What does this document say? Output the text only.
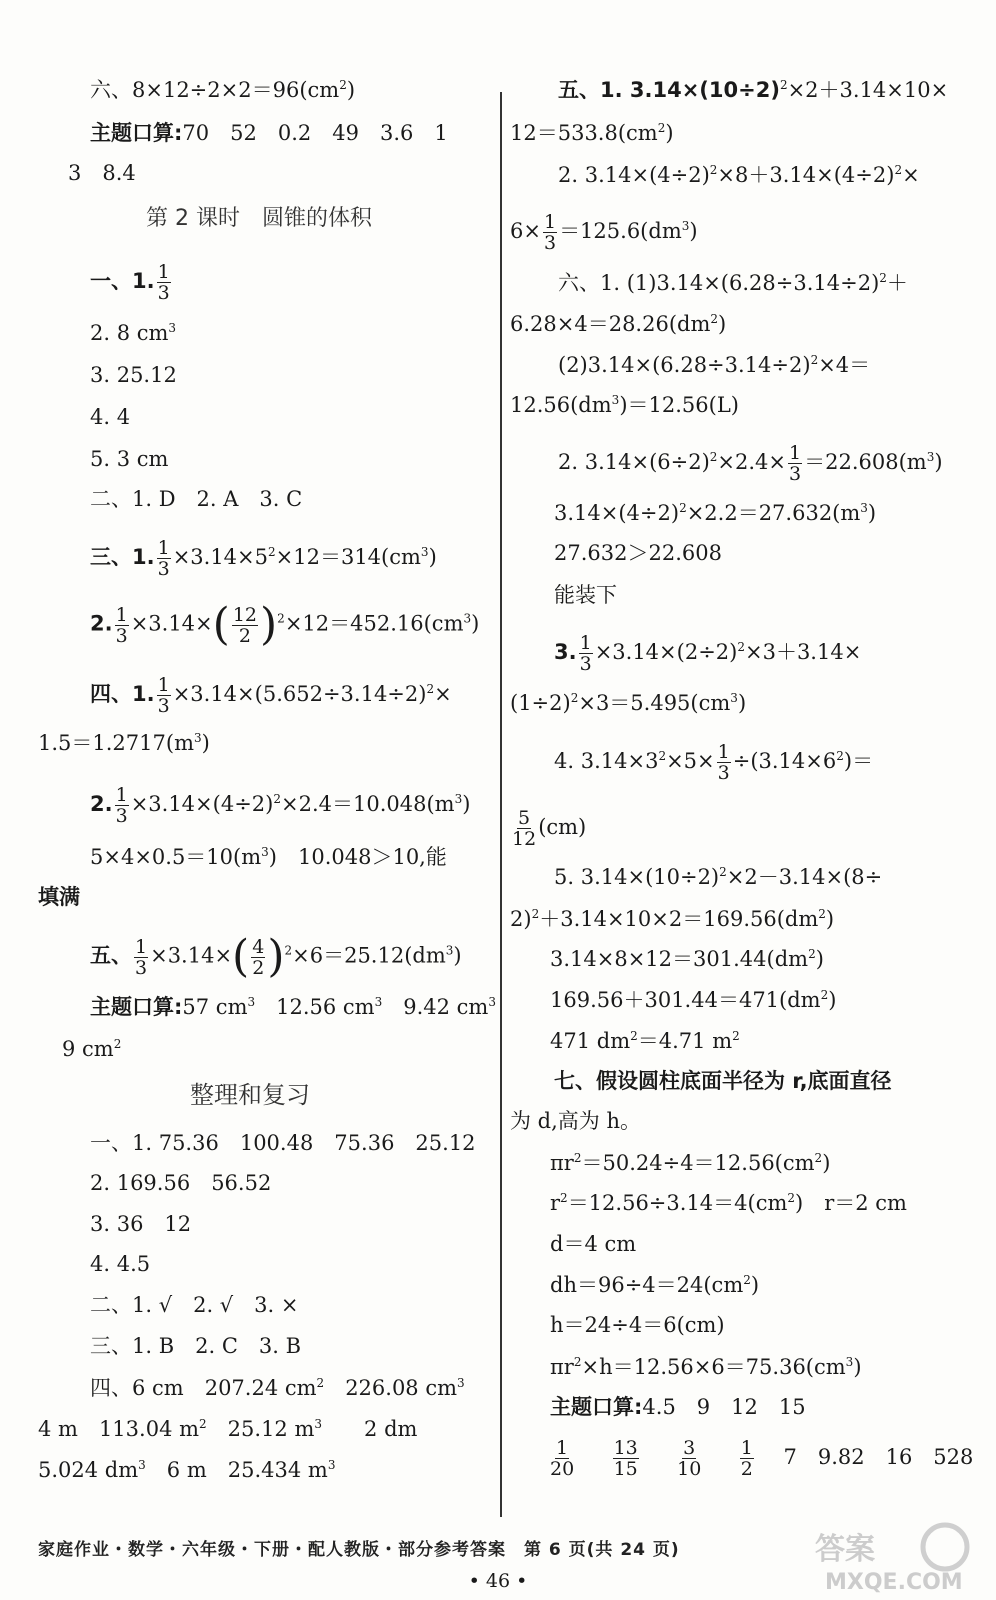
六、$8\times 12\div 2\times 2=96(cm^2)$
主题口算:70　52　0.2　49　3.6　1
3　8.4
第 2 课时　圆锥的体积
一、1. $\frac{1}{3}$
2. 8 $cm^3$
3. 25.12
4. 4
5. 3 cm
二、1. D　2. A　3. C
三、1. $\frac{1}{3} \times 3.14\times 5^2\times 12=314(cm^3)$
2. $\frac{1}{3} \times 3.14\times$ ( $\frac{12}{2}$ ) $^2\times 12=452.16(cm^3)$
四、1. $\frac{1}{3} \times 3.14\times(5.652\div 3.14\div 2)^2\times$
$1.5=1.2717(m^3)$
2. $\frac{1}{3} \times 3.14\times(4\div 2)^2\times 2.4=10.048(m^3)$
$5\times 4\times 0.5=10(m^3)$　10.048＞10,能
填满
五、 $\frac{1}{3} \times 3.14\times$ ( $\frac{4}{2}$ ) $^2\times 6=25.12(dm^3)$
主题口算:57 $cm^3$　 12.56 $cm^3$　 9.42 $cm^3$
9 $cm^2$
整理和复习
一、1. 75.36　100.48　75.36　25.12
2. 169.56　56.52
3. 36　12
4. 4.5
二、1. √　2. √　3. ×
三、1. B　2. C　3. B
四、6 cm　207.24 $cm^2$　 226.08 $cm^3$
4 m　113.04 $m^2$　 25.12 $m^3$　　 2 dm
5.024 $dm^3$　 6 m　25.434 $m^3$
五、1. $3.14\times(10\div 2)^2\times 2+3.14\times 10\times$
$12=533.8(cm^2)$
2. $3.14\times(4\div 2)^2\times 8+3.14\times(4\div 2)^2\times$
$6\times \frac{1}{3} =125.6(dm^3)$
六、1. $(1)3.14\times(6.28\div 3.14\div 2)^2+$
$6.28\times 4=28.26(dm^2)$
$(2)3.14\times(6.28\div 3.14\div 2)^2\times 4=$
$12.56(dm^3)=12.56(L)$
2. $3.14\times(6\div 2)^2\times 2.4\times \frac{1}{3} =22.608(m^3)$
$3.14\times(4\div 2)^2\times 2.2=27.632(m^3)$
27.632＞22.608
能装下
3. $\frac{1}{3} \times 3.14\times(2\div 2)^2\times 3+3.14\times$
$(1\div 2)^2\times 3=5.495(cm^3)$
4. $3.14\times 3^2\times 5\times \frac{1}{3} \div(3.14\times 6^2)=$
$\frac{5}{12} (cm)$
5. $3.14\times(10\div 2)^2\times 2-3.14\times(8\div$
$2)^2+3.14\times 10\times 2=169.56(dm^2)$
$3.14\times 8\times 12=301.44(dm^2)$
$169.56+301.44=471(dm^2)$
471 $dm^2=4.71$ $m^2$
七、假设圆柱底面半径为 r,底面直径
为 d,高为 h。
$\pi r^2=50.24\div 4=12.56(cm^2)$
$r^2=12.56\div 3.14=4(cm^2)$　r＝2 cm
d＝4 cm
$dh=96\div 4=24(cm^2)$
h＝24÷4＝6(cm)
$\pi r^2\times h=12.56\times 6=75.36(cm^3)$
主题口算:4.5　9　12　15
$\frac{1}{20}$
　 $\frac{13}{15}$
　 $\frac{3}{10}$
　 $\frac{1}{2}$
　 7　9.82　16　528
家庭作业・数学・六年级・下册・配人教版・部分参考答案　第 6 页(共 24 页)
• 46 •
答案
MXQE.COM
